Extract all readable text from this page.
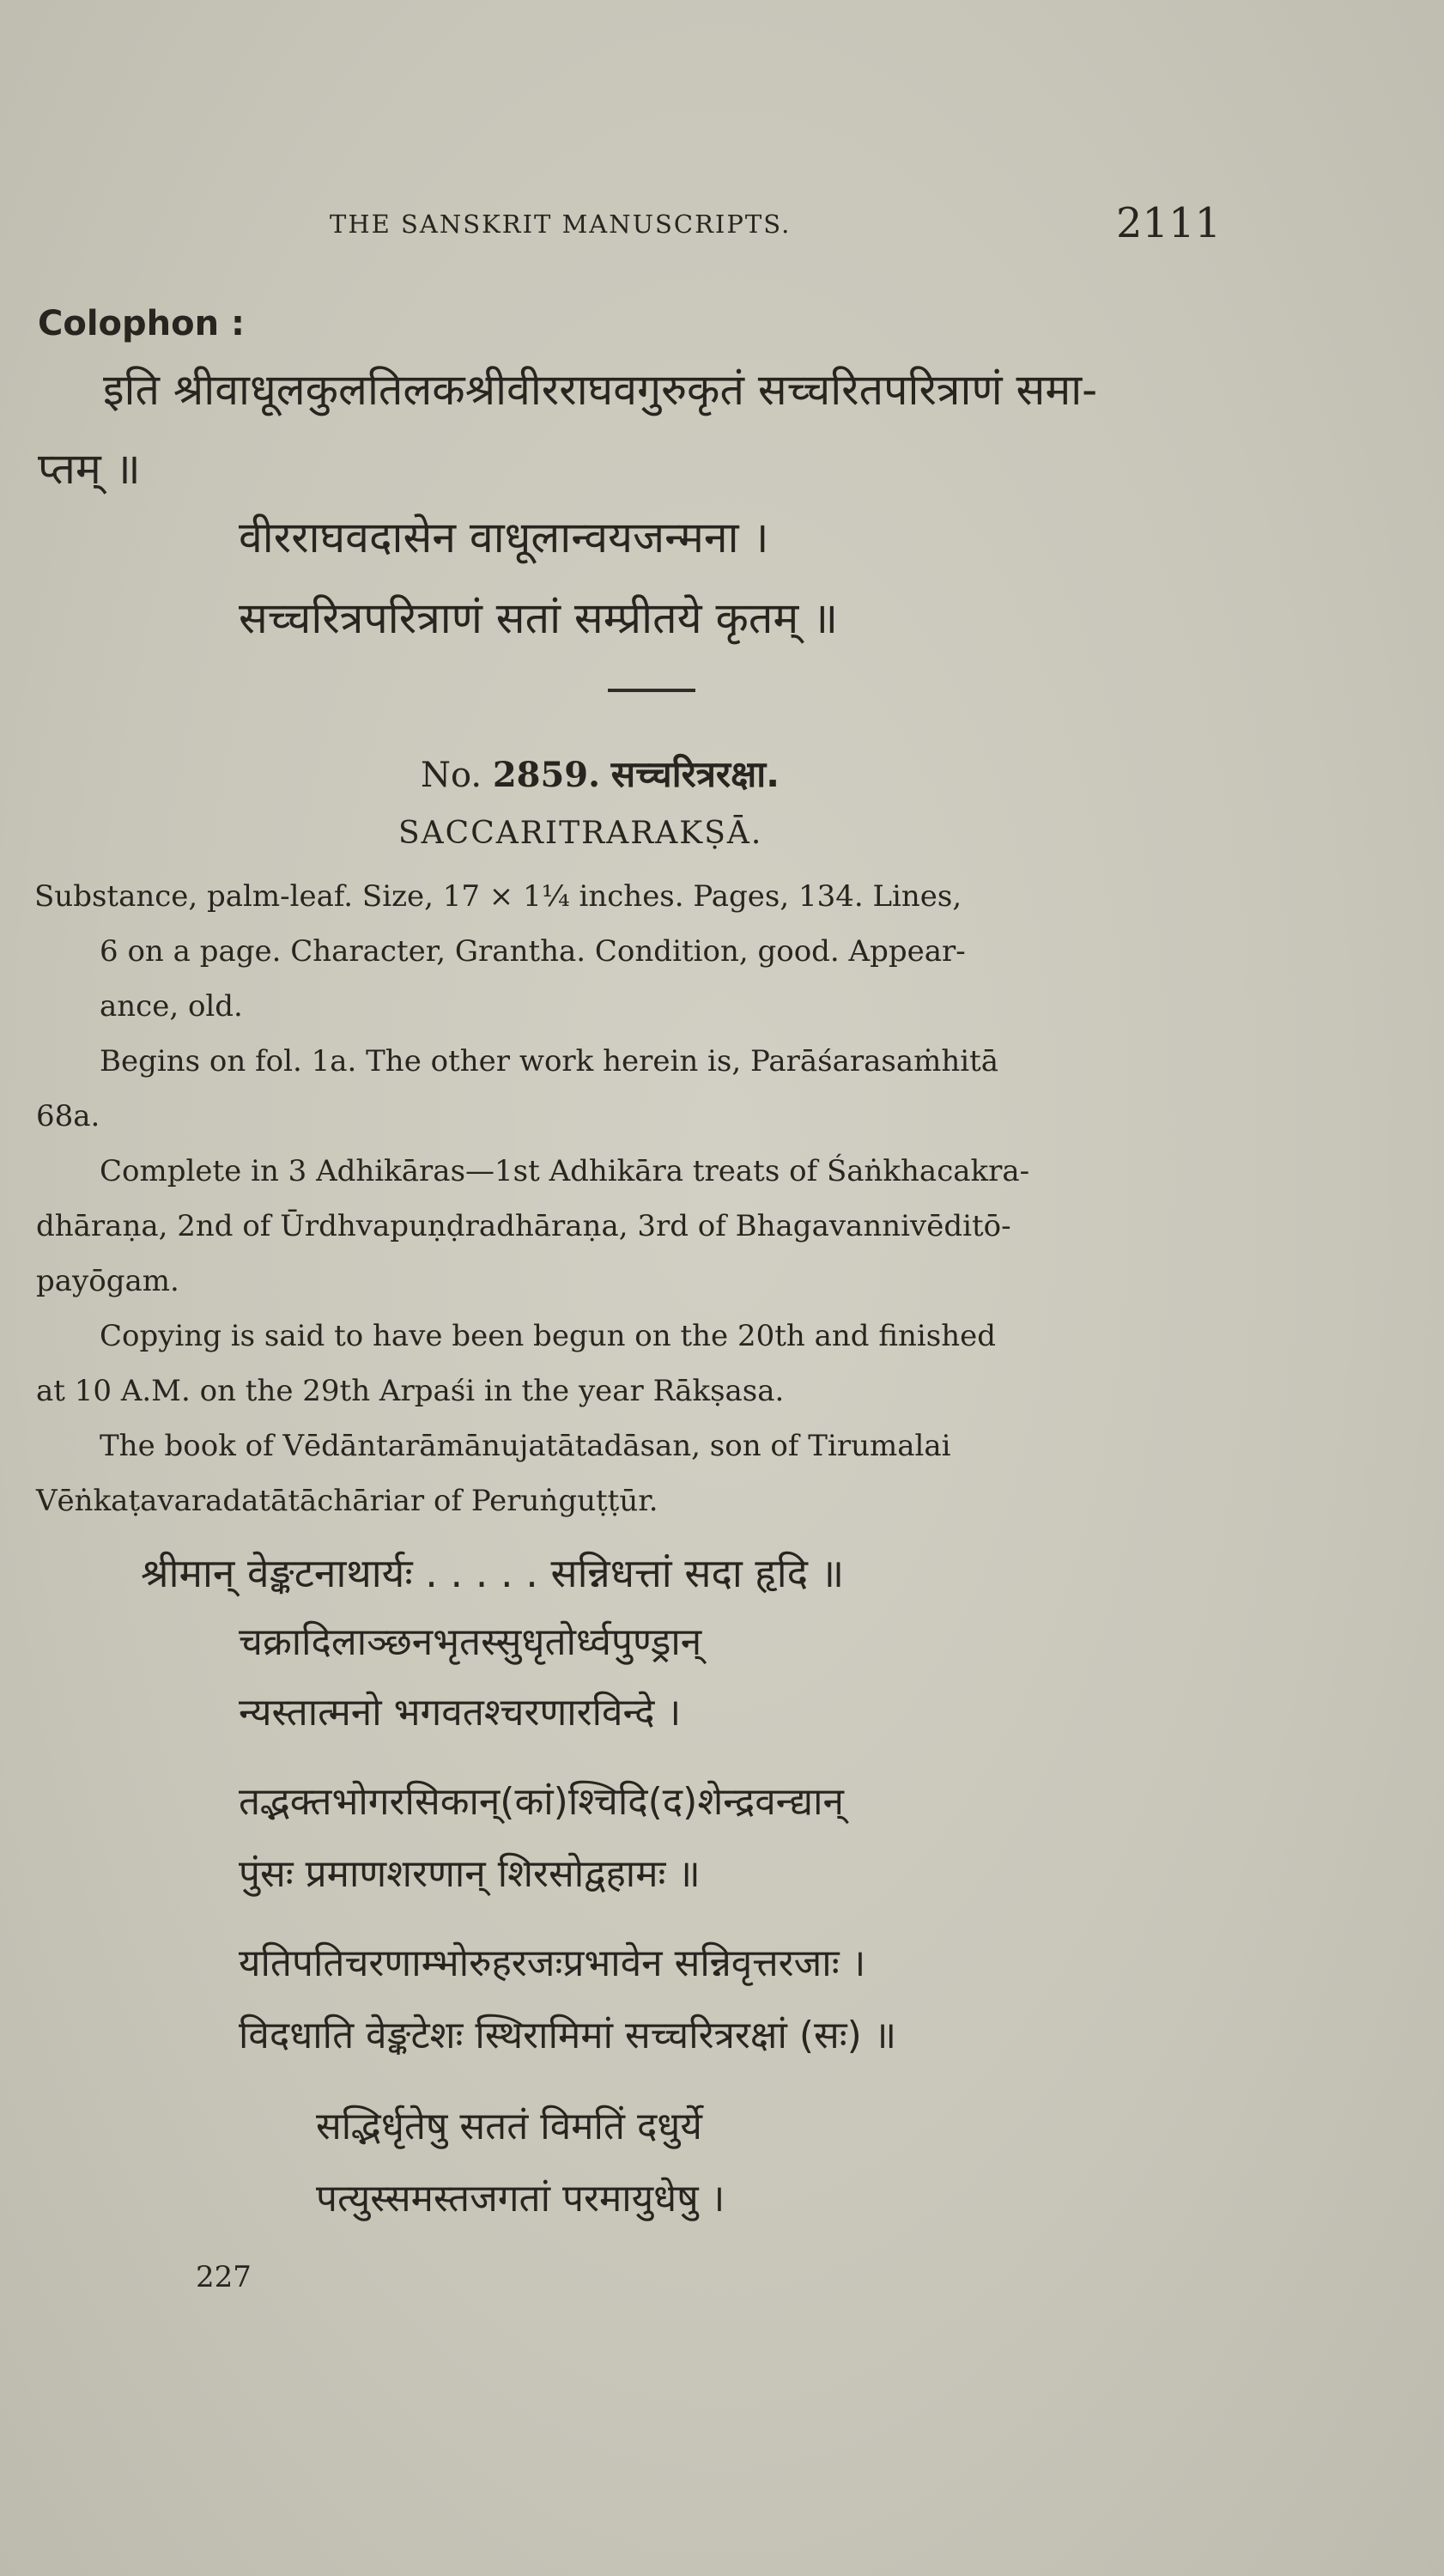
THE SANSKRIT MANUSCRIPTS.	2111
Colophon :
इति श्रीवाधूलकुलतिलकश्रीवीरराघवगुरुकृतं सच्चरितपरित्राणं समा-
प्तम् ॥
वीरराघवदासेन वाधूलान्वयजन्मना ।
सच्चरित्रपरित्राणं सतां सम्प्रीतये कृतम् ॥
No. 2859. सच्चरित्ररक्षा.
SACCARITRARAKṢĀ.
Substance, palm-leaf. Size, 17 × 1¼ inches. Pages, 134. Lines,
6 on a page. Character, Grantha. Condition, good. Appear-
ance, old.
Begins on fol. 1a. The other work herein is, Parāśarasaṁhitā
68a.
Complete in 3 Adhikāras—1st Adhikāra treats of Śaṅkhacakra-
dhāraṇa, 2nd of Ūrdhvapuṇḍradhāraṇa, 3rd of Bhagavannivēditō-
payōgam.
Copying is said to have been begun on the 20th and finished
at 10 A.M. on the 29th Arpaśi in the year Rākṣasa.
The book of Vēdāntarāmānujatātadāsan, son of Tirumalai
Vēṅkaṭavaradatātāchāriar of Peruṅguṭṭūr.
श्रीमान् वेङ्कटनाथार्यः . . . . . सन्निधत्तां सदा हृदि ॥
चक्रादिलाञ्छनभृतस्सुधृतोर्ध्वपुण्ड्रान्
न्यस्तात्मनो भगवतश्चरणारविन्दे ।
तद्भक्तभोगरसिकान्(कां)श्चिदि(द)शेन्द्रवन्द्यान्
पुंसः प्रमाणशरणान् शिरसोद्वहामः ॥
यतिपतिचरणाम्भोरुहरजःप्रभावेन सन्निवृत्तरजाः ।
विदधाति वेङ्कटेशः स्थिरामिमां सच्चरित्ररक्षां (सः) ॥
सद्भिर्धृतेषु सततं विमतिं दधुर्ये
पत्युस्समस्तजगतां परमायुधेषु ।
227
